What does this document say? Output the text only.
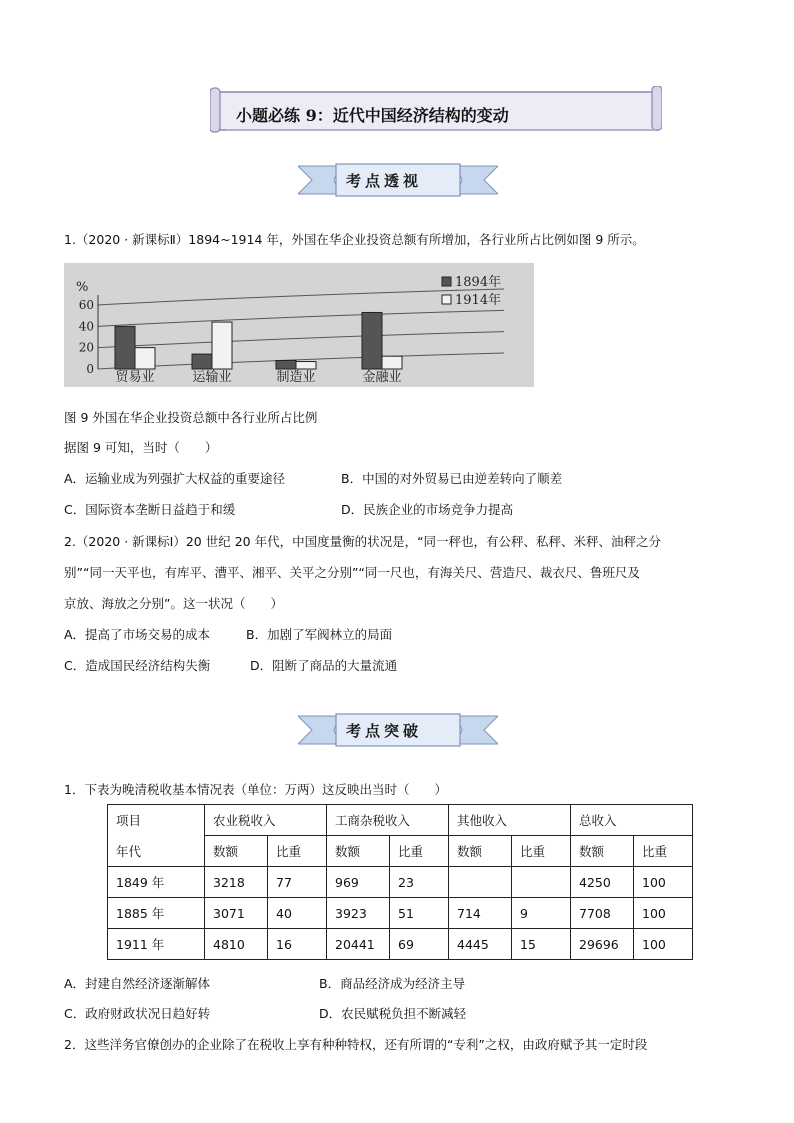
小题必练 9：近代中国经济结构的变动
考点透视
1.（2020 · 新课标Ⅱ）1894~1914 年，外国在华企业投资总额有所增加，各行业所占比例如图 9 所示。
0
20
40
60
贸易业	运输业	制造业	金融业
1894年
1914年
%
图 9 外国在华企业投资总额中各行业所占比例
据图 9 可知，当时（　　）
A．运输业成为列强扩大权益的重要途径	B．中国的对外贸易已由逆差转向了顺差
C．国际资本垄断日益趋于和缓	D．民族企业的市场竞争力提高
2.（2020 · 新课标Ⅰ）20 世纪 20 年代，中国度量衡的状况是，“同一秤也，有公秤、私秤、米秤、油秤之分
别”“同一天平也，有库平、漕平、湘平、关平之分别”“同一尺也，有海关尺、营造尺、裁衣尺、鲁班尺及
京放、海放之分别”。这一状况（　　）
A．提高了市场交易的成本	B．加剧了军阀林立的局面
C．造成国民经济结构失衡	D．阻断了商品的大量流通
考点突破
1．下表为晚清税收基本情况表（单位：万两）这反映出当时（　　）
项目	农业税收入		工商杂税收入		其他收入		总收入	
年代	数额	比重	数额	比重	数额	比重	数额	比重
1849 年	3218	77	969	23			4250	100
1885 年	3071	40	3923	51	714	9	7708	100
1911 年	4810	16	20441	69	4445	15	29696	100
A．封建自然经济逐渐解体	B．商品经济成为经济主导
C．政府财政状况日趋好转	D．农民赋税负担不断减轻
2．这些洋务官僚创办的企业除了在税收上享有种种特权，还有所谓的“专利”之权，由政府赋予其一定时段
